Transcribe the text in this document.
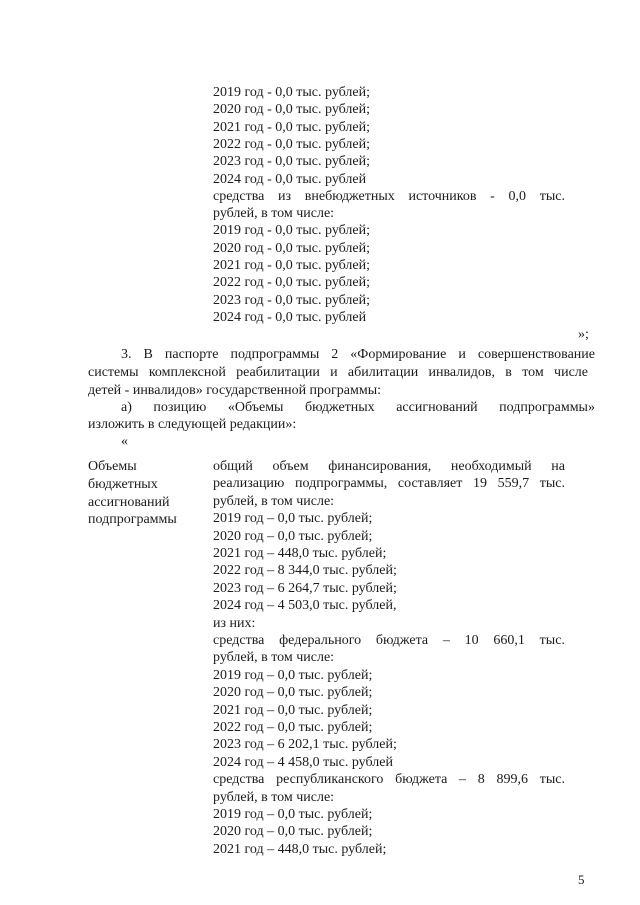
2019 год - 0,0 тыс. рублей;
2020 год - 0,0 тыс. рублей;
2021 год - 0,0 тыс. рублей;
2022 год - 0,0 тыс. рублей;
2023 год - 0,0 тыс. рублей;
2024 год - 0,0 тыс. рублей
средства из внебюджетных источников - 0,0 тыс.
рублей, в том числе:
2019 год - 0,0 тыс. рублей;
2020 год - 0,0 тыс. рублей;
2021 год - 0,0 тыс. рублей;
2022 год - 0,0 тыс. рублей;
2023 год - 0,0 тыс. рублей;
2024 год - 0,0 тыс. рублей
»;
3. В паспорте подпрограммы 2 «Формирование и совершенствование
системы комплексной реабилитации и абилитации инвалидов, в том числе
детей - инвалидов» государственной программы:
а) позицию «Объемы бюджетных ассигнований подпрограммы»
изложить в следующей редакции»:
«
Объемы
бюджетных
ассигнований
подпрограммы
общий объем финансирования, необходимый на
реализацию подпрограммы, составляет 19 559,7 тыс.
рублей, в том числе:
2019 год – 0,0 тыс. рублей;
2020 год – 0,0 тыс. рублей;
2021 год – 448,0 тыс. рублей;
2022 год – 8 344,0 тыс. рублей;
2023 год – 6 264,7 тыс. рублей;
2024 год – 4 503,0 тыс. рублей,
из них:
средства федерального бюджета – 10 660,1 тыс.
рублей, в том числе:
2019 год – 0,0 тыс. рублей;
2020 год – 0,0 тыс. рублей;
2021 год – 0,0 тыс. рублей;
2022 год – 0,0 тыс. рублей;
2023 год – 6 202,1 тыс. рублей;
2024 год – 4 458,0 тыс. рублей
средства республиканского бюджета – 8 899,6 тыс.
рублей, в том числе:
2019 год – 0,0 тыс. рублей;
2020 год – 0,0 тыс. рублей;
2021 год – 448,0 тыс. рублей;
5
